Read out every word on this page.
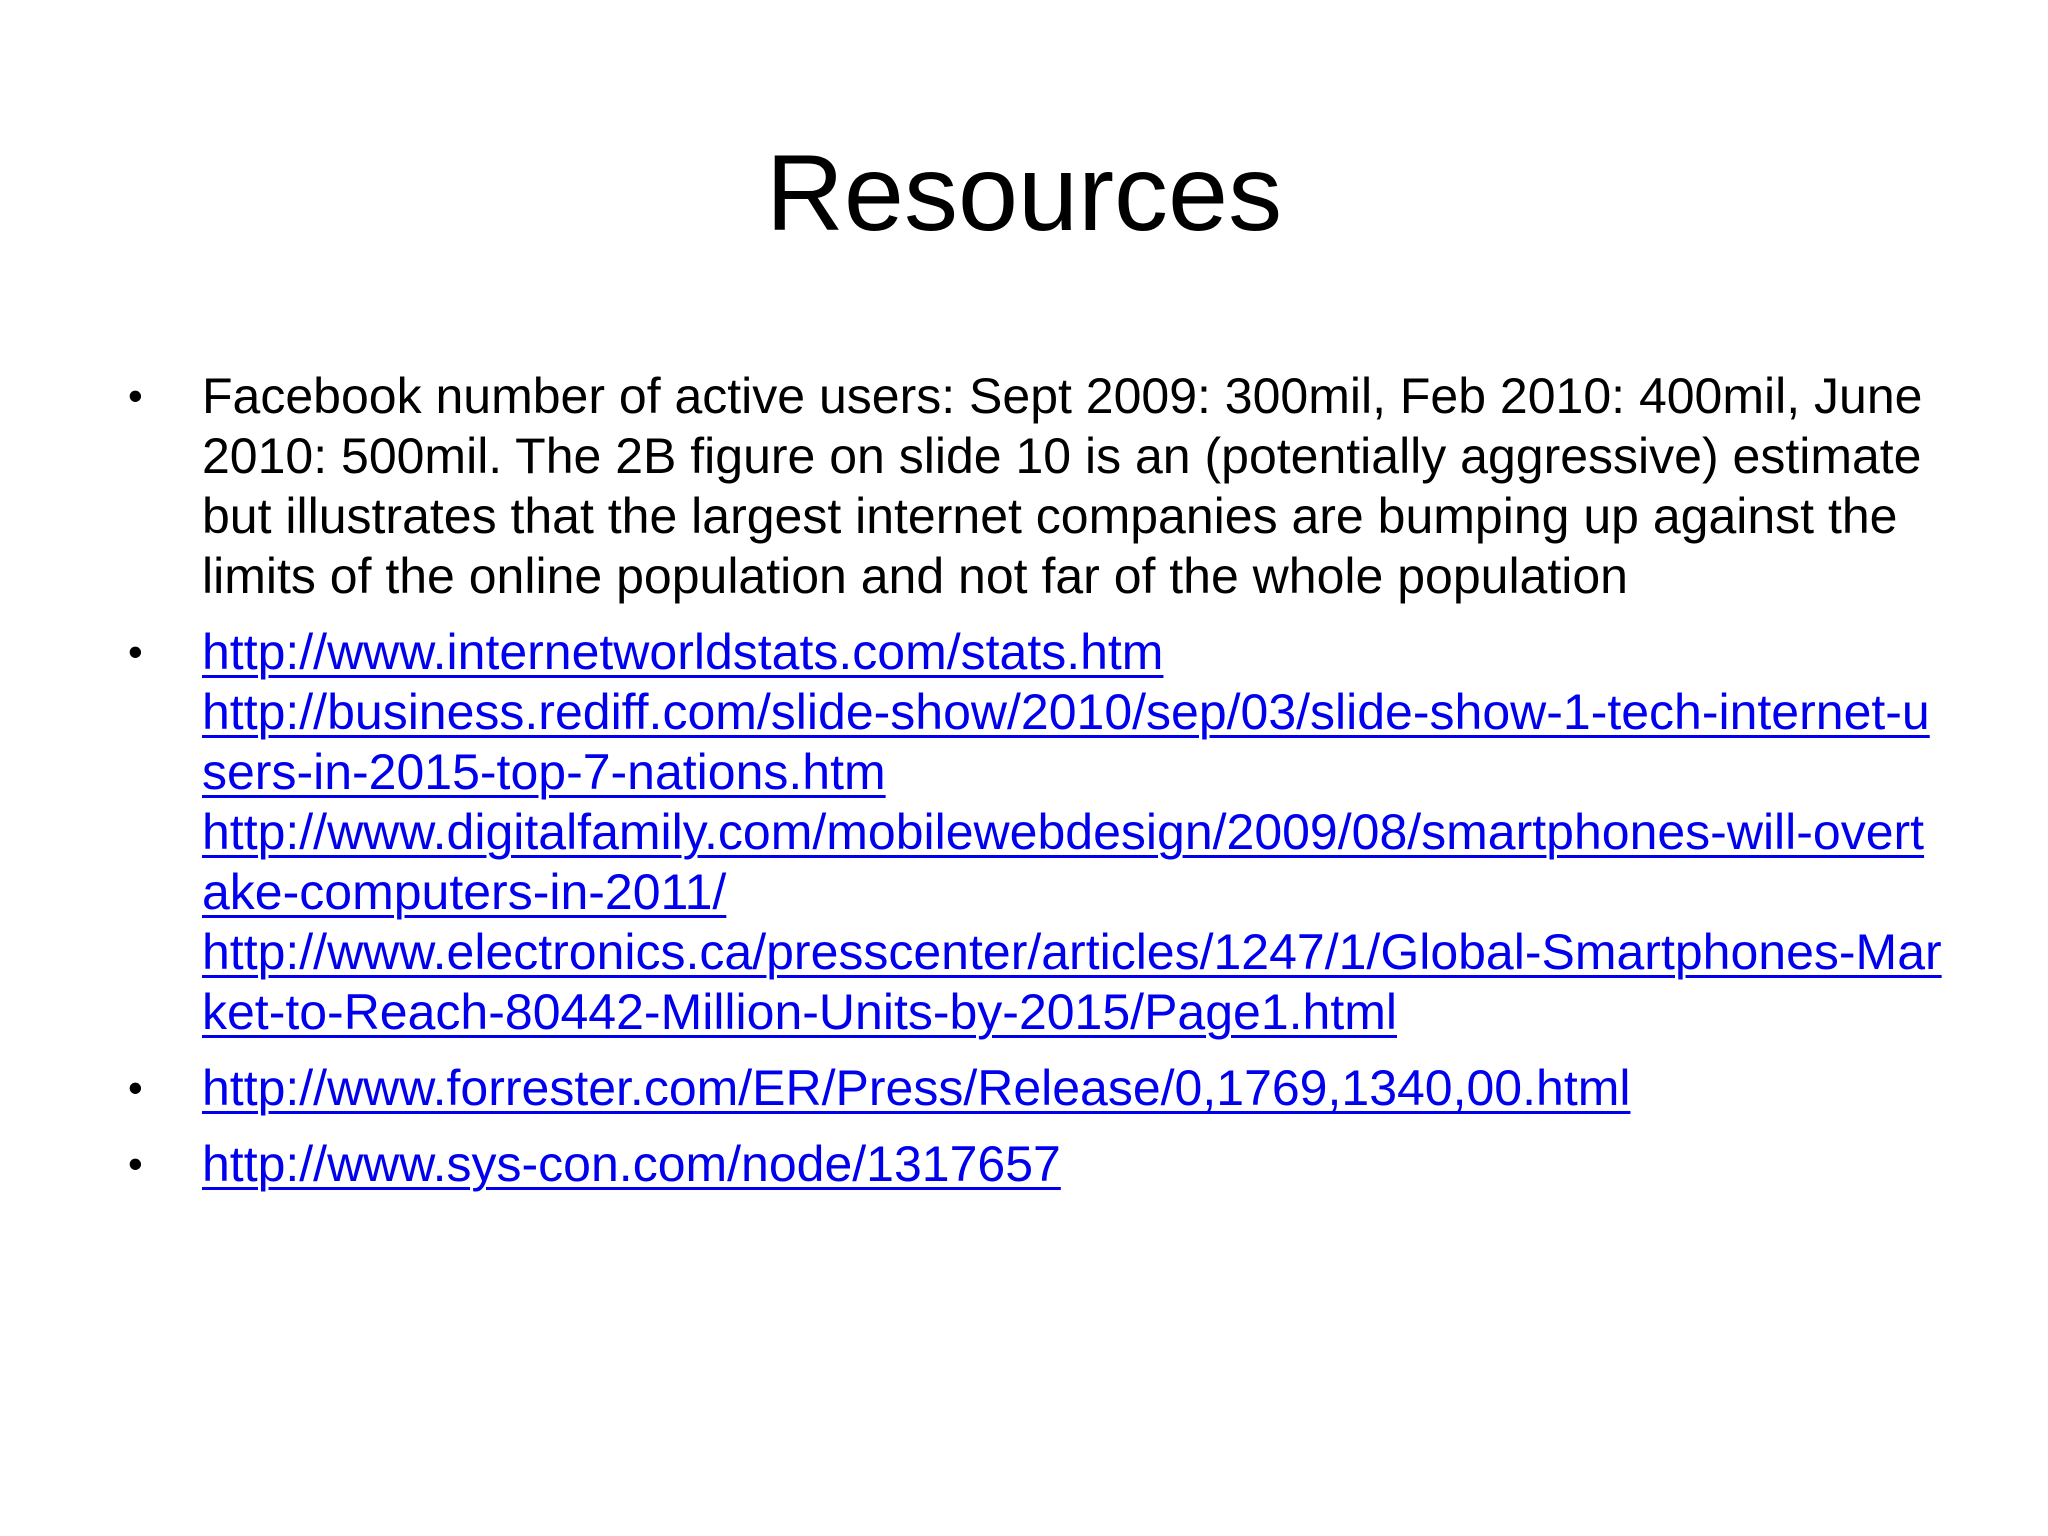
Resources
•	Facebook number of active users: Sept 2009: 300mil, Feb 2010: 400mil, June 2010: 500mil. The 2B figure on slide 10 is an (potentially aggressive) estimate but illustrates that the largest internet companies are bumping up against the limits of the online population and not far of the whole population
•	http://www.internetworldstats.com/stats.htm
http://business.rediff.com/slide-show/2010/sep/03/slide-show-1-tech-internet-users-in-2015-top-7-nations.htm
http://www.digitalfamily.com/mobilewebdesign/2009/08/smartphones-will-overtake-computers-in-2011/
http://www.electronics.ca/presscenter/articles/1247/1/Global-Smartphones-Market-to-Reach-80442-Million-Units-by-2015/Page1.html
•	http://www.forrester.com/ER/Press/Release/0,1769,1340,00.html
•	http://www.sys-con.com/node/1317657
